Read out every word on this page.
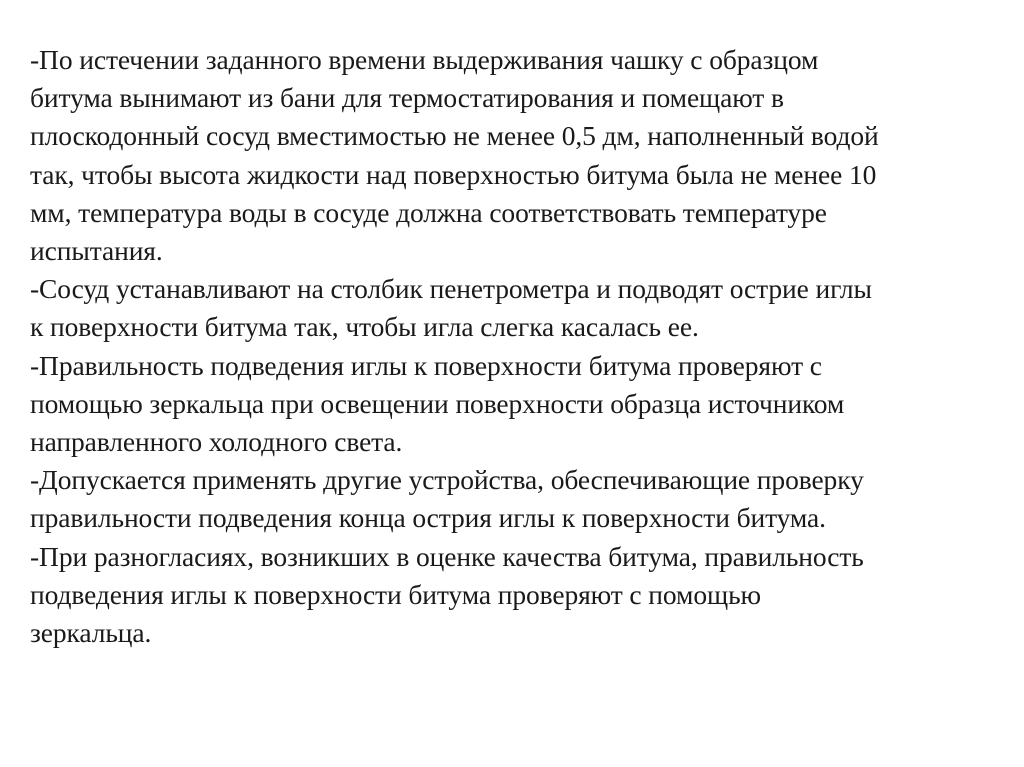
-По истечении заданного времени выдерживания чашку с образцом
битума вынимают из бани для термостатирования и помещают в
плоскодонный сосуд вместимостью не менее 0,5 дм, наполненный водой
так, чтобы высота жидкости над поверхностью битума была не менее 10
мм, температура воды в сосуде должна соответствовать температуре
испытания.
-Сосуд устанавливают на столбик пенетрометра и подводят острие иглы
к поверхности битума так, чтобы игла слегка касалась ее.
-Правильность подведения иглы к поверхности битума проверяют с
помощью зеркальца при освещении поверхности образца источником
направленного холодного света.
-Допускается применять другие устройства, обеспечивающие проверку
правильности подведения конца острия иглы к поверхности битума.
-При разногласиях, возникших в оценке качества битума, правильность
подведения иглы к поверхности битума проверяют с помощью
зеркальца.
